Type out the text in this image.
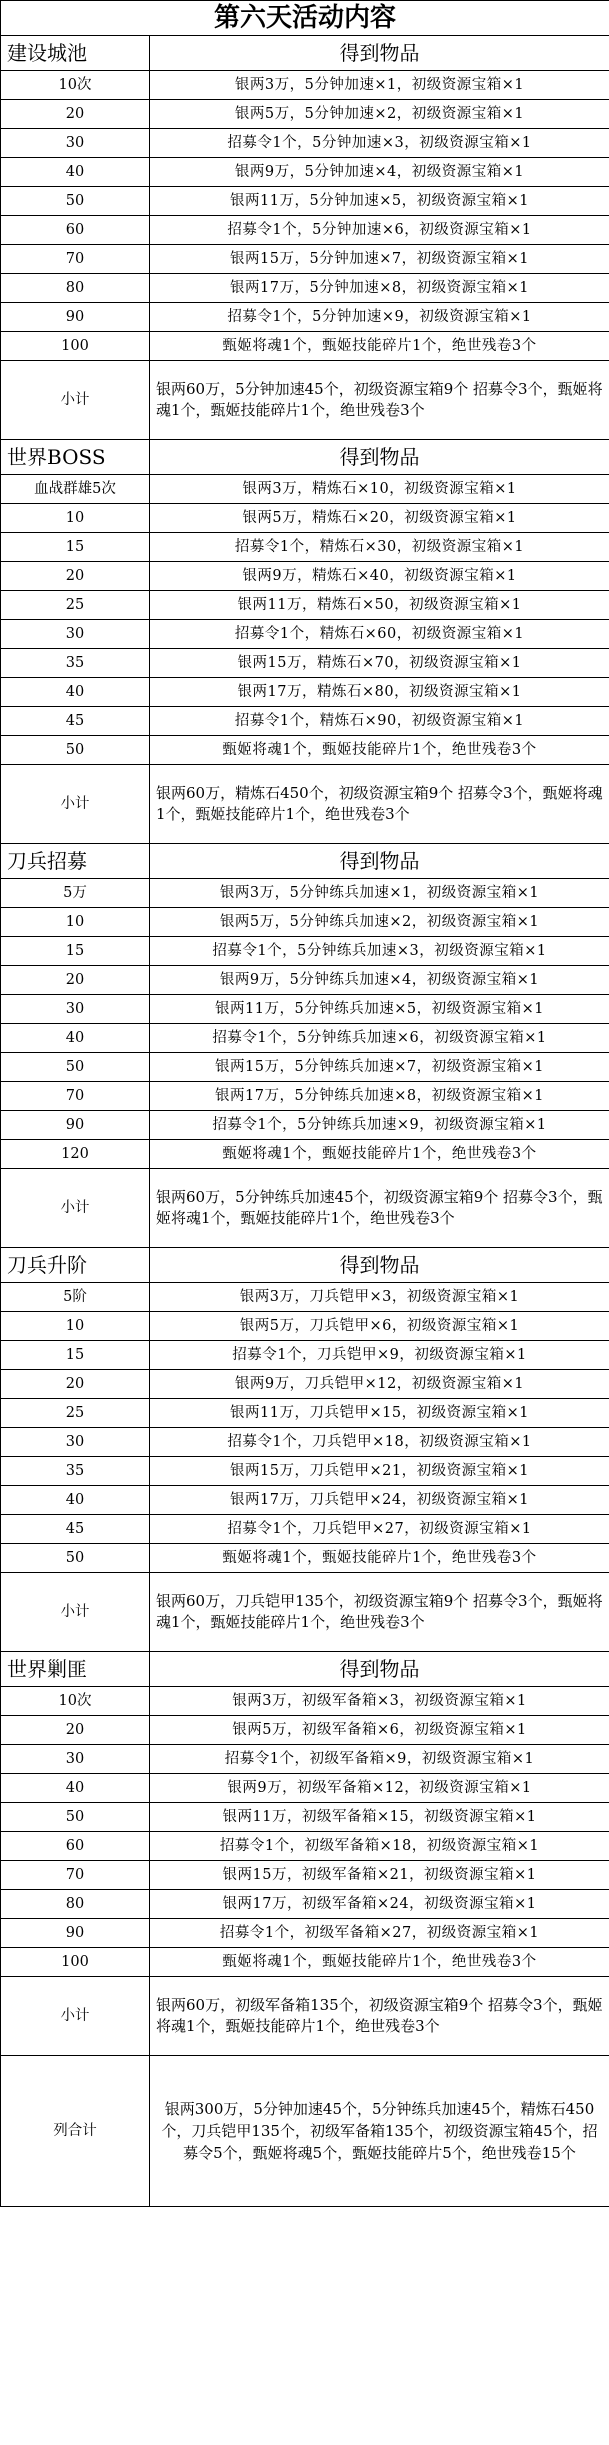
第六天活动内容	
建设城池	得到物品
10次	银两3万，5分钟加速×1，初级资源宝箱×1
20	银两5万，5分钟加速×2，初级资源宝箱×1
30	招募令1个，5分钟加速×3，初级资源宝箱×1
40	银两9万，5分钟加速×4，初级资源宝箱×1
50	银两11万，5分钟加速×5，初级资源宝箱×1
60	招募令1个，5分钟加速×6，初级资源宝箱×1
70	银两15万，5分钟加速×7，初级资源宝箱×1
80	银两17万，5分钟加速×8，初级资源宝箱×1
90	招募令1个，5分钟加速×9，初级资源宝箱×1
100	甄姬将魂1个，甄姬技能碎片1个，绝世残卷3个
小计	银两60万，5分钟加速45个，初级资源宝箱9个 招募令3个，甄姬将魂1个，甄姬技能碎片1个，绝世残卷3个
世界BOSS	得到物品
血战群雄5次	银两3万，精炼石×10，初级资源宝箱×1
10	银两5万，精炼石×20，初级资源宝箱×1
15	招募令1个，精炼石×30，初级资源宝箱×1
20	银两9万，精炼石×40，初级资源宝箱×1
25	银两11万，精炼石×50，初级资源宝箱×1
30	招募令1个，精炼石×60，初级资源宝箱×1
35	银两15万，精炼石×70，初级资源宝箱×1
40	银两17万，精炼石×80，初级资源宝箱×1
45	招募令1个，精炼石×90，初级资源宝箱×1
50	甄姬将魂1个，甄姬技能碎片1个，绝世残卷3个
小计	银两60万，精炼石450个，初级资源宝箱9个 招募令3个，甄姬将魂1个，甄姬技能碎片1个，绝世残卷3个
刀兵招募	得到物品
5万	银两3万，5分钟练兵加速×1，初级资源宝箱×1
10	银两5万，5分钟练兵加速×2，初级资源宝箱×1
15	招募令1个，5分钟练兵加速×3，初级资源宝箱×1
20	银两9万，5分钟练兵加速×4，初级资源宝箱×1
30	银两11万，5分钟练兵加速×5，初级资源宝箱×1
40	招募令1个，5分钟练兵加速×6，初级资源宝箱×1
50	银两15万，5分钟练兵加速×7，初级资源宝箱×1
70	银两17万，5分钟练兵加速×8，初级资源宝箱×1
90	招募令1个，5分钟练兵加速×9，初级资源宝箱×1
120	甄姬将魂1个，甄姬技能碎片1个，绝世残卷3个
小计	银两60万，5分钟练兵加速45个，初级资源宝箱9个 招募令3个，甄姬将魂1个，甄姬技能碎片1个，绝世残卷3个
刀兵升阶	得到物品
5阶	银两3万，刀兵铠甲×3，初级资源宝箱×1
10	银两5万，刀兵铠甲×6，初级资源宝箱×1
15	招募令1个，刀兵铠甲×9，初级资源宝箱×1
20	银两9万，刀兵铠甲×12，初级资源宝箱×1
25	银两11万，刀兵铠甲×15，初级资源宝箱×1
30	招募令1个，刀兵铠甲×18，初级资源宝箱×1
35	银两15万，刀兵铠甲×21，初级资源宝箱×1
40	银两17万，刀兵铠甲×24，初级资源宝箱×1
45	招募令1个，刀兵铠甲×27，初级资源宝箱×1
50	甄姬将魂1个，甄姬技能碎片1个，绝世残卷3个
小计	银两60万，刀兵铠甲135个，初级资源宝箱9个 招募令3个，甄姬将魂1个，甄姬技能碎片1个，绝世残卷3个
世界剿匪	得到物品
10次	银两3万，初级军备箱×3，初级资源宝箱×1
20	银两5万，初级军备箱×6，初级资源宝箱×1
30	招募令1个，初级军备箱×9，初级资源宝箱×1
40	银两9万，初级军备箱×12，初级资源宝箱×1
50	银两11万，初级军备箱×15，初级资源宝箱×1
60	招募令1个，初级军备箱×18，初级资源宝箱×1
70	银两15万，初级军备箱×21，初级资源宝箱×1
80	银两17万，初级军备箱×24，初级资源宝箱×1
90	招募令1个，初级军备箱×27，初级资源宝箱×1
100	甄姬将魂1个，甄姬技能碎片1个，绝世残卷3个
小计	银两60万，初级军备箱135个，初级资源宝箱9个 招募令3个，甄姬将魂1个，甄姬技能碎片1个，绝世残卷3个
列合计	银两300万，5分钟加速45个，5分钟练兵加速45个，精炼石450个，刀兵铠甲135个，初级军备箱135个，初级资源宝箱45个，招募令5个，甄姬将魂5个，甄姬技能碎片5个，绝世残卷15个
